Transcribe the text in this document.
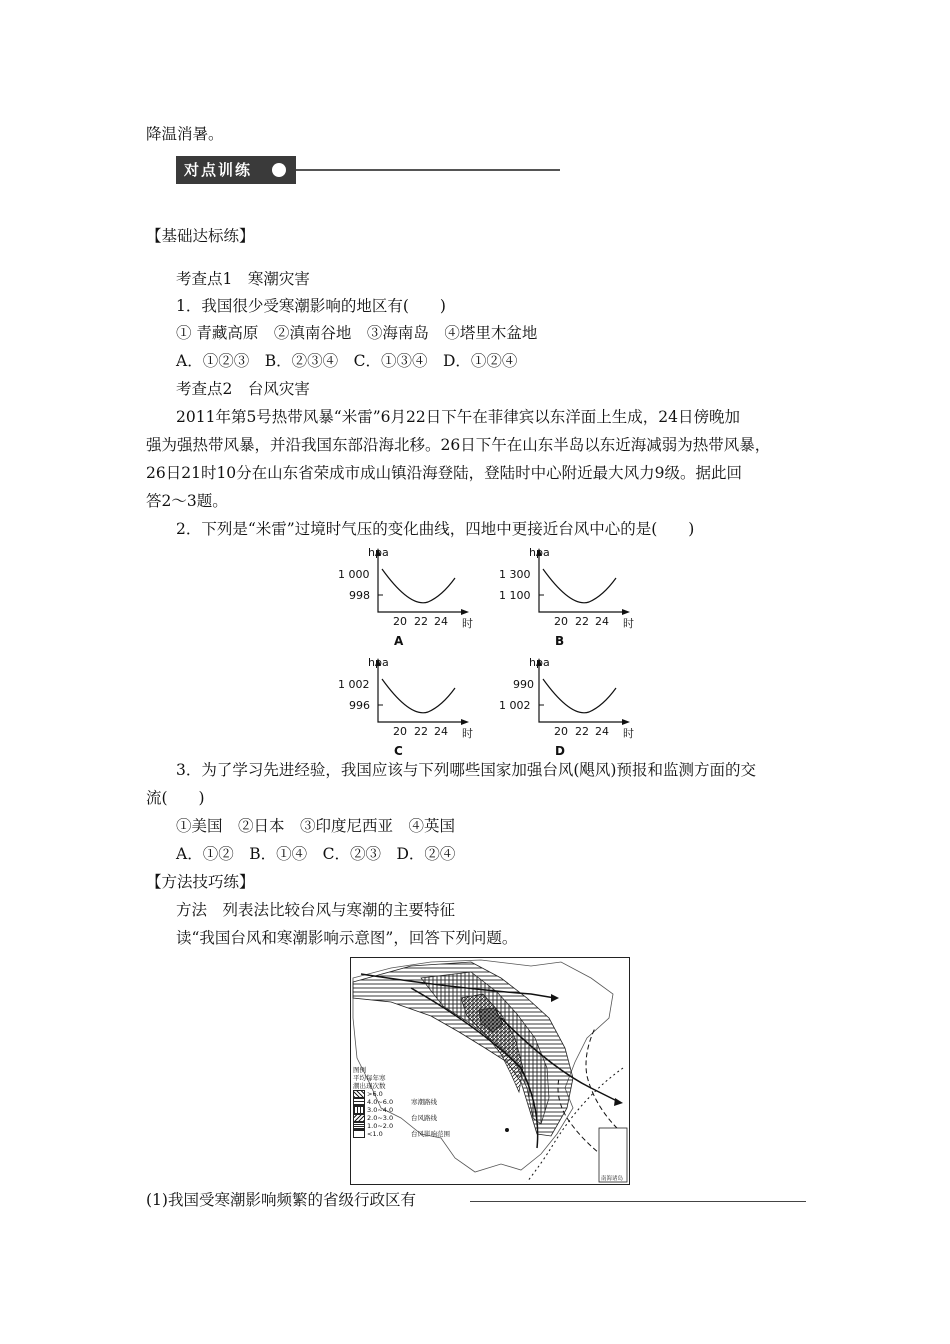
降温消暑。
对点训练
【基础达标练】
考查点1　寒潮灾害
1．我国很少受寒潮影响的地区有(　　)
① 青藏高原　②滇南谷地　③海南岛　④塔里木盆地
A．①②③　B．②③④　C．①③④　D．①②④
考查点2　台风灾害
2011年第5号热带风暴“米雷”6月22日下午在菲律宾以东洋面上生成，24日傍晚加
强为强热带风暴，并沿我国东部沿海北移。26日下午在山东半岛以东近海减弱为热带风暴，
26日21时10分在山东省荣成市成山镇沿海登陆，登陆时中心附近最大风力9级。据此回
答2～3题。
2．下列是“米雷”过境时气压的变化曲线，四地中更接近台风中心的是(　　)
hpa
1 000
998
20 22 24 时
A
hpa
1 300
1 100
20 22 24 时
B
hpa
1 002
996
20 22 24 时
C
hpa
990
1 002
20 22 24 时
D
3．为了学习先进经验，我国应该与下列哪些国家加强台风(飓风)预报和监测方面的交
流(　　)
①美国　②日本　③印度尼西亚　④英国
A．①②　B．①④　C．②③　D．②④
【方法技巧练】
方法　列表法比较台风与寒潮的主要特征
读“我国台风和寒潮影响示意图”，回答下列问题。
图例
平均每年寒
潮出现次数
>6.0
4.0~6.0	寒潮路线
3.0~4.0
2.0~3.0	台风路线
1.0~2.0
<1.0	台风影响范围
南海诸岛
(1)我国受寒潮影响频繁的省级行政区有
